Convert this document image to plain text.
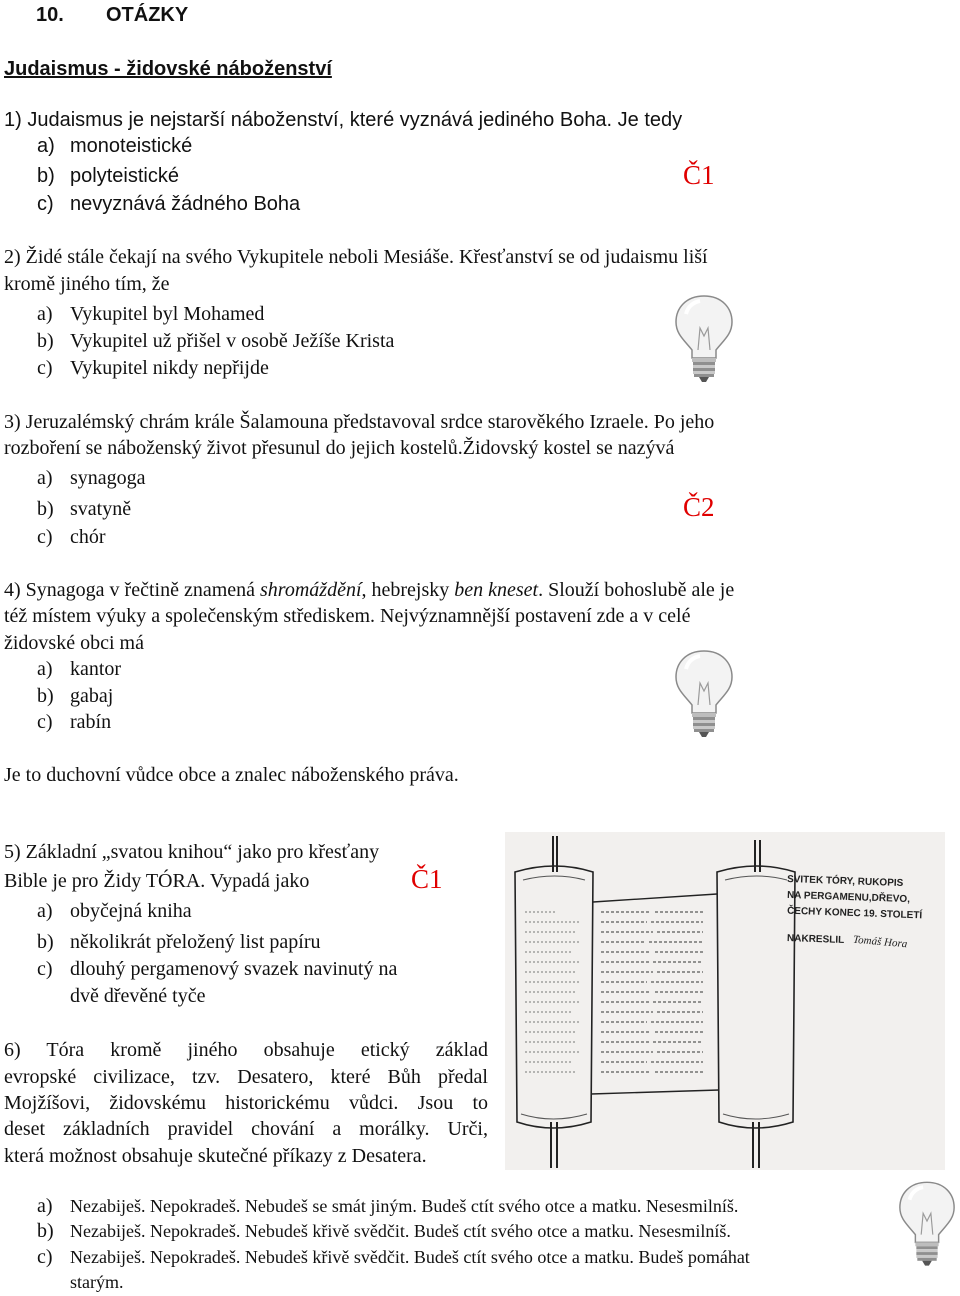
10. OTÁZKY
Judaismus - židovské náboženství
1) Judaismus je nejstarší náboženství, které vyznává jediného Boha. Je tedy
a) monoteistické
b) polyteistické
c) nevyznává žádného Boha
Č1
2) Židé stále čekají na svého Vykupitele neboli Mesiáše. Křesťanství se od judaismu liší
kromě jiného tím, že
a) Vykupitel byl Mohamed
b) Vykupitel už přišel v osobě Ježíše Krista
c) Vykupitel nikdy nepřijde
3) Jeruzalémský chrám krále Šalamouna představoval srdce starověkého Izraele. Po jeho
rozboření se náboženský život přesunul do jejich kostelů.Židovský kostel se nazývá
a) synagoga
b) svatyně
c) chór
Č2
4) Synagoga v řečtině znamená shromáždění, hebrejsky ben kneset. Slouží bohoslubě ale je
též místem výuky a společenským střediskem. Nejvýznamnější postavení zde a v celé
židovské obci má
a) kantor
b) gabaj
c) rabín
Je to duchovní vůdce obce a znalec náboženského práva.
5) Základní „svatou knihou“ jako pro křesťany
Bible je pro Židy TÓRA. Vypadá jako	Č1
a) obyčejná kniha
b) několikrát přeložený list papíru
c) dlouhý pergamenový svazek navinutý na
dvě dřevěné tyče
6) Tóra kromě jiného obsahuje etický základ
evropské civilizace, tzv. Desatero, které Bůh předal
Mojžíšovi, židovskému historickému vůdci. Jsou to
deset základních pravidel chování a morálky. Urči,
která možnost obsahuje skutečné příkazy z Desatera.
a) Nezabiješ. Nepokradeš. Nebudeš se smát jiným. Budeš ctít svého otce a matku. Nesesmilníš.
b) Nezabiješ. Nepokradeš. Nebudeš křivě svědčit. Budeš ctít svého otce a matku. Nesesmilníš.
c) Nezabiješ. Nepokradeš. Nebudeš křivě svědčit. Budeš ctít svého otce a matku. Budeš pomáhat
starým.
SVITEK TÓRY, RUKOPIS
NA PERGAMENU,DŘEVO,
ČECHY KONEC 19. STOLETÍ
NAKRESLIL Tomáš Hora
